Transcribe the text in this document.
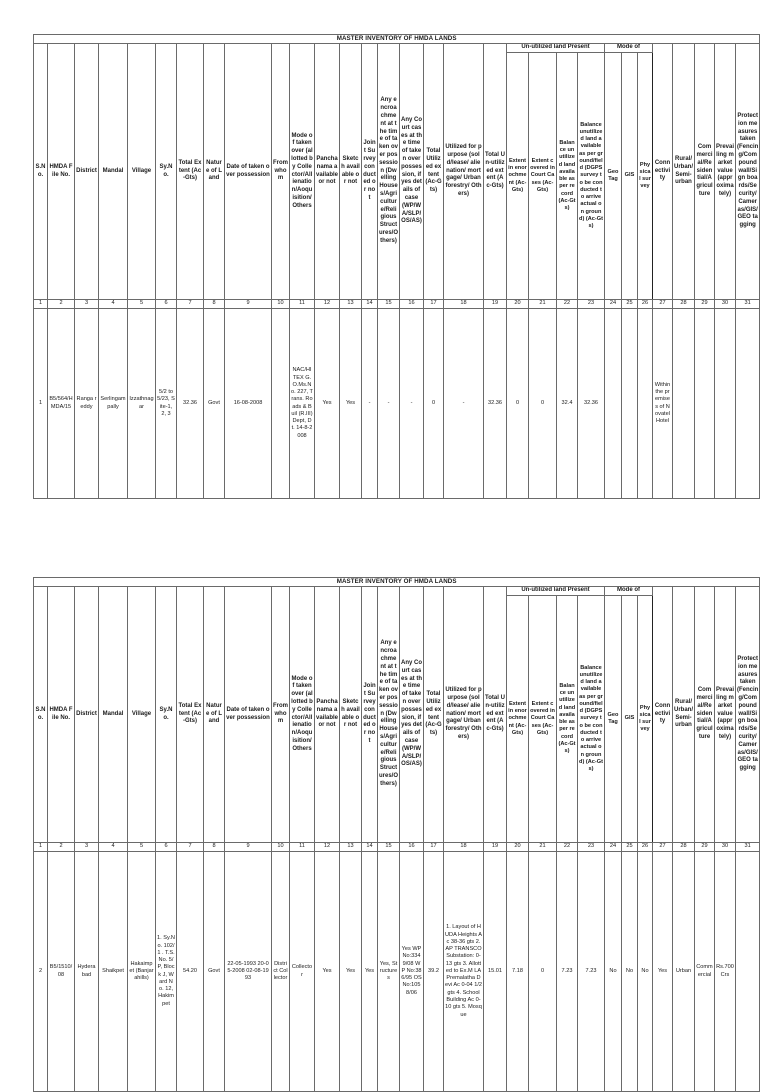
MASTER INVENTORY OF HMDA LANDS																														
S.No.	HMDA File No.	District	Mandal	Village	Sy.No.	Total Extent (Ac-Gts)	Nature of Land	Date of taken over possession	From whom	Mode of taken over (allotted by Collector/Allienation/Aoquisition/Others	Panchanama available or not	Sketch available or not	Joint Survey conducted or not	Any encroachment at the time of taken over possession (Dwelling Houses/Agriculture/Religious Structures/Others)	Any Court cases at the time of taken over possession, if yes details of case (WP/WA/SLP/OS/AS)	Total Utilized extent (Ac-Gts)	Utilized for purpose (sold/lease/ alienation/ mortgage/ Urban forestry/ Others)	Total Un-utilized extent (Ac-Gts)	Un-utilized land Present				Mode of			Connectivity	Rural/Urban/Semi-urban	Commercial/Residential/Agriculture	Prevailing market value (approximately)	Protection measures taken (Fencing/Compound wall/Sign boards/Security/Cameras/GIS/GEO tagging
																			Extent in enorochment (Ac-Gts)	Extent covered in Court Cases (Ac-Gts)	Balance unutilized land available as per record (Ac-Gts)	Balance unutilized land available as per ground/field (DGPS survey to be conducted to arrive actual on ground) (Ac-Gts)	Geo Tag	GIS	Physical survey					
1	2	3	4	5	6	7	8	9	10	11	12	13	14	15	16	17	18	19	20	21	22	23	24	25	26	27	28	29	30	31
1	B5/564/HMDA/15	Ranga reddy	Serlingampally	Izzathnagar	5/2 to 5/23, Site-1, 2, 3	32.36	Govt	16-08-2008		NAC/HITEX G.O.Ms.No. 227, Trans. Roads & Buil (R.III) Dept, Dt. 14-8-2008	Yes	Yes	-	-	-	0	-	32.36	0	0	32.4	32.36				Within the premises of Novatel Hotel				
MASTER INVENTORY OF HMDA LANDS																														
S.No.	HMDA File No.	District	Mandal	Village	Sy.No.	Total Extent (Ac-Gts)	Nature of Land	Date of taken over possession	From whom	Mode of taken over (allotted by Collector/Allienation/Aoquisition/Others	Panchanama available or not	Sketch available or not	Joint Survey conducted or not	Any encroachment at the time of taken over possession (Dwelling Houses/Agriculture/Religious Structures/Others)	Any Court cases at the time of taken over possession, if yes details of case (WP/WA/SLP/OS/AS)	Total Utilized extent (Ac-Gts)	Utilized for purpose (sold/lease/ alienation/ mortgage/ Urban forestry/ Others)	Total Un-utilized extent (Ac-Gts)	Un-utilized land Present				Mode of			Connectivity	Rural/Urban/Semi-urban	Commercial/Residential/Agriculture	Prevailing market value (approximately)	Protection measures taken (Fencing/Compound wall/Sign boards/Security/Cameras/GIS/GEO tagging
																			Extent in enorochment (Ac-Gts)	Extent covered in Court Cases (Ac-Gts)	Balance unutilized land available as per record (Ac-Gts)	Balance unutilized land available as per ground/field (DGPS survey to be conducted to arrive actual on ground) (Ac-Gts)	Geo Tag	GIS	Physical survey					
1	2	3	4	5	6	7	8	9	10	11	12	13	14	15	16	17	18	19	20	21	22	23	24	25	26	27	28	29	30	31
2	B5/1510/08	Hyderabad	Shaikpet	Hakaimpet (Banjarahills)	1. Sy.No. 102/1 . T.S.No. 5/P, Block J, Ward No. 12, Hakimpet	54.20	Govt	22-05-1993 20-05-2008 02-08-1993	District Collector	Collector	Yes	Yes	Yes	Yes, Structures	Yes WP No:3349/08 WP No:386/95 OS No:1058/06	39.2	1. Layout of HUDA Heights Ac 38-36 gts 2. AP TRANSCO Substation: 0-13 gts 3. Allotted to Ex.M LA Premalatha Devi Ac 0-04 1/2 gts 4. School Building Ac 0-10 gts 5. Mosque	15.01	7.18	0	7.23	7.23	No	No	No	Yes	Urban	Commercial	Rs.700 Crs	
